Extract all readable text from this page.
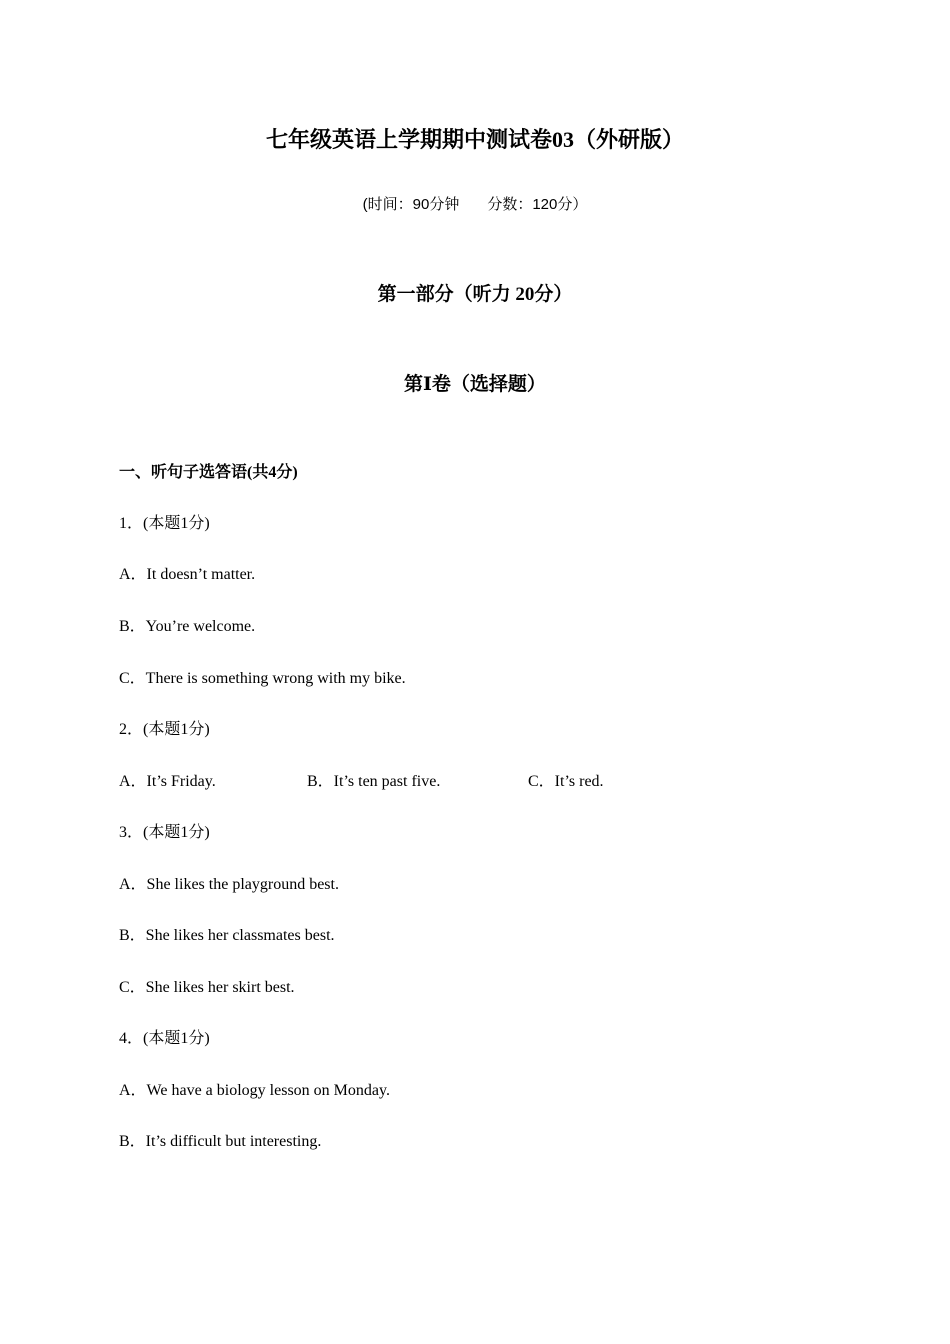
七年级英语上学期期中测试卷03（外研版）
(时间：90分钟 分数：120分）
第一部分（听力 20分）
第Ⅰ卷（选择题）
一、听句子选答语(共4分)
1．(本题1分)
A．It doesn’t matter.
B．You’re welcome.
C．There is something wrong with my bike.
2．(本题1分)
A．It’s Friday.	B．It’s ten past five.	C．It’s red.
3．(本题1分)
A．She likes the playground best.
B．She likes her classmates best.
C．She likes her skirt best.
4．(本题1分)
A．We have a biology lesson on Monday.
B．It’s difficult but interesting.
